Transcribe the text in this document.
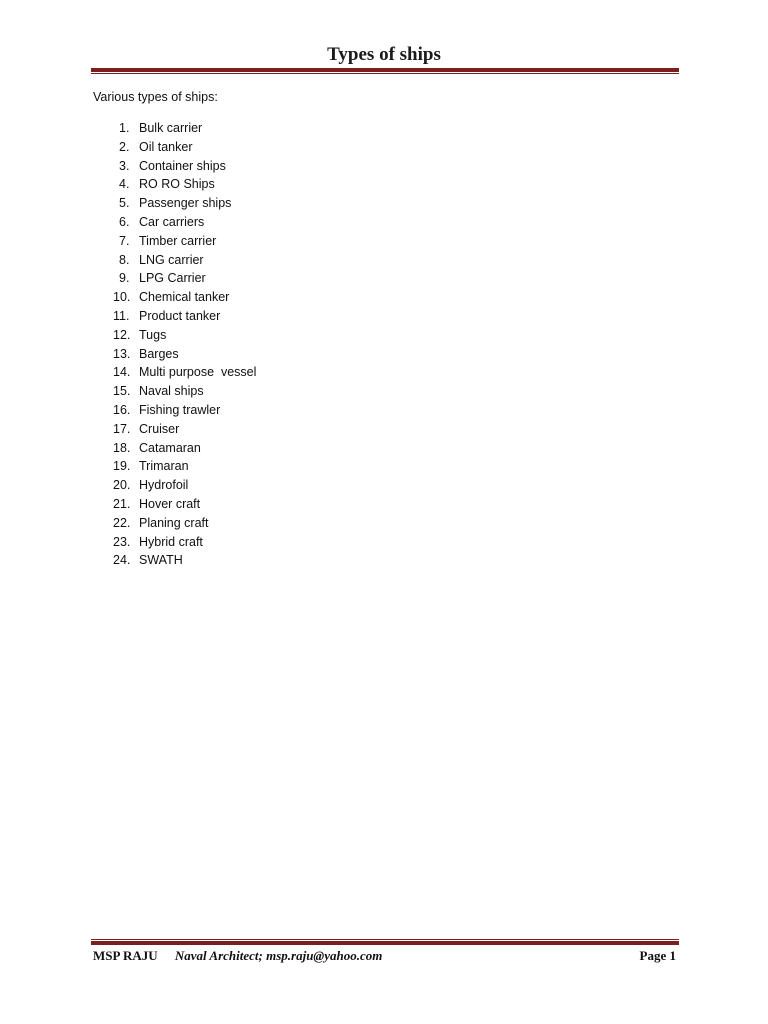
Types of ships
Various types of ships:
1. Bulk carrier
2. Oil tanker
3. Container ships
4. RO RO Ships
5. Passenger ships
6. Car carriers
7. Timber carrier
8. LNG carrier
9. LPG Carrier
10. Chemical tanker
11. Product tanker
12. Tugs
13. Barges
14. Multi purpose  vessel
15. Naval ships
16. Fishing trawler
17. Cruiser
18. Catamaran
19. Trimaran
20. Hydrofoil
21. Hover craft
22. Planing craft
23. Hybrid craft
24. SWATH
MSP RAJU Naval Architect; msp.raju@yahoo.com	Page 1
